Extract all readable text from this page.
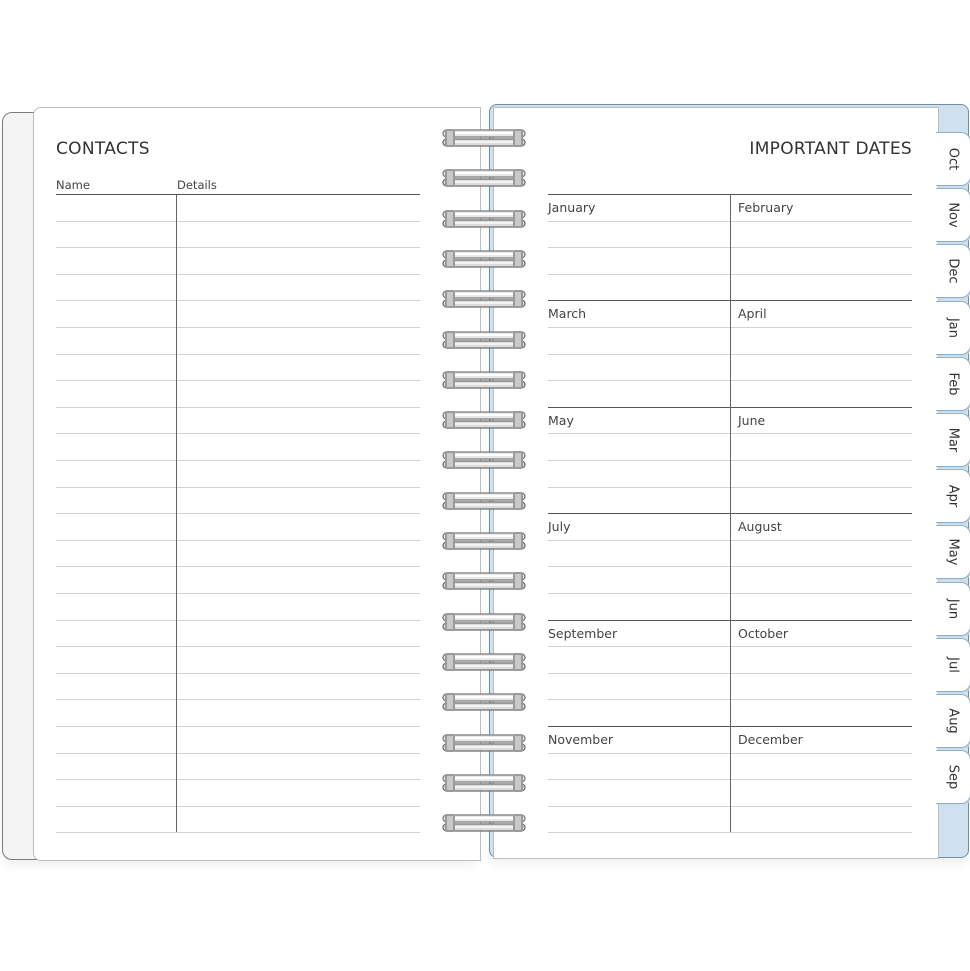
CONTACTS
Name	Details
IMPORTANT DATES
January	February
March	April
May	June
July	August
September	October
November	December
Oct
Nov
Dec
Jan
Feb
Mar
Apr
May
Jun
Jul
Aug
Sep
